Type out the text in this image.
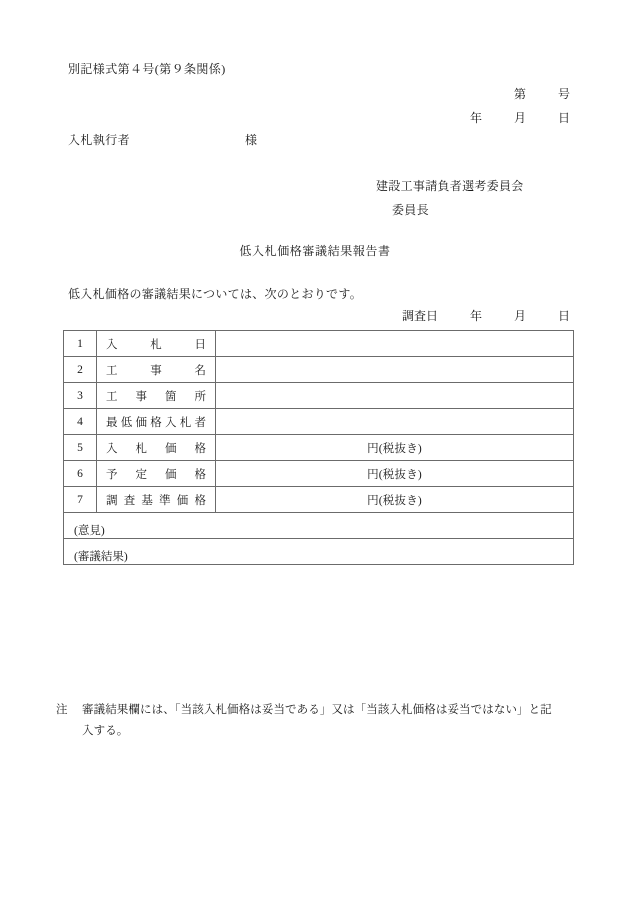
別記様式第４号(第９条関係)
第	号
年	月	日
入札執行者	様
建設工事請負者選考委員会
委員長
低入札価格審議結果報告書
低入札価格の審議結果については、次のとおりです。
調査日	年	月	日
1	入 札 日	

2	工 事 名	

3	工 事 箇 所	

4	最 低 価 格 入 札 者

5	入 札 価 格	円(税抜き)
6	予 定 価 格	円(税抜き)
7	調 査 基 準 価 格	円(税抜き)

(意見)		

(審議結果)		
注 審議結果欄には、「当該入札価格は妥当である」又は「当該入札価格は妥当ではない」と記
入する。
